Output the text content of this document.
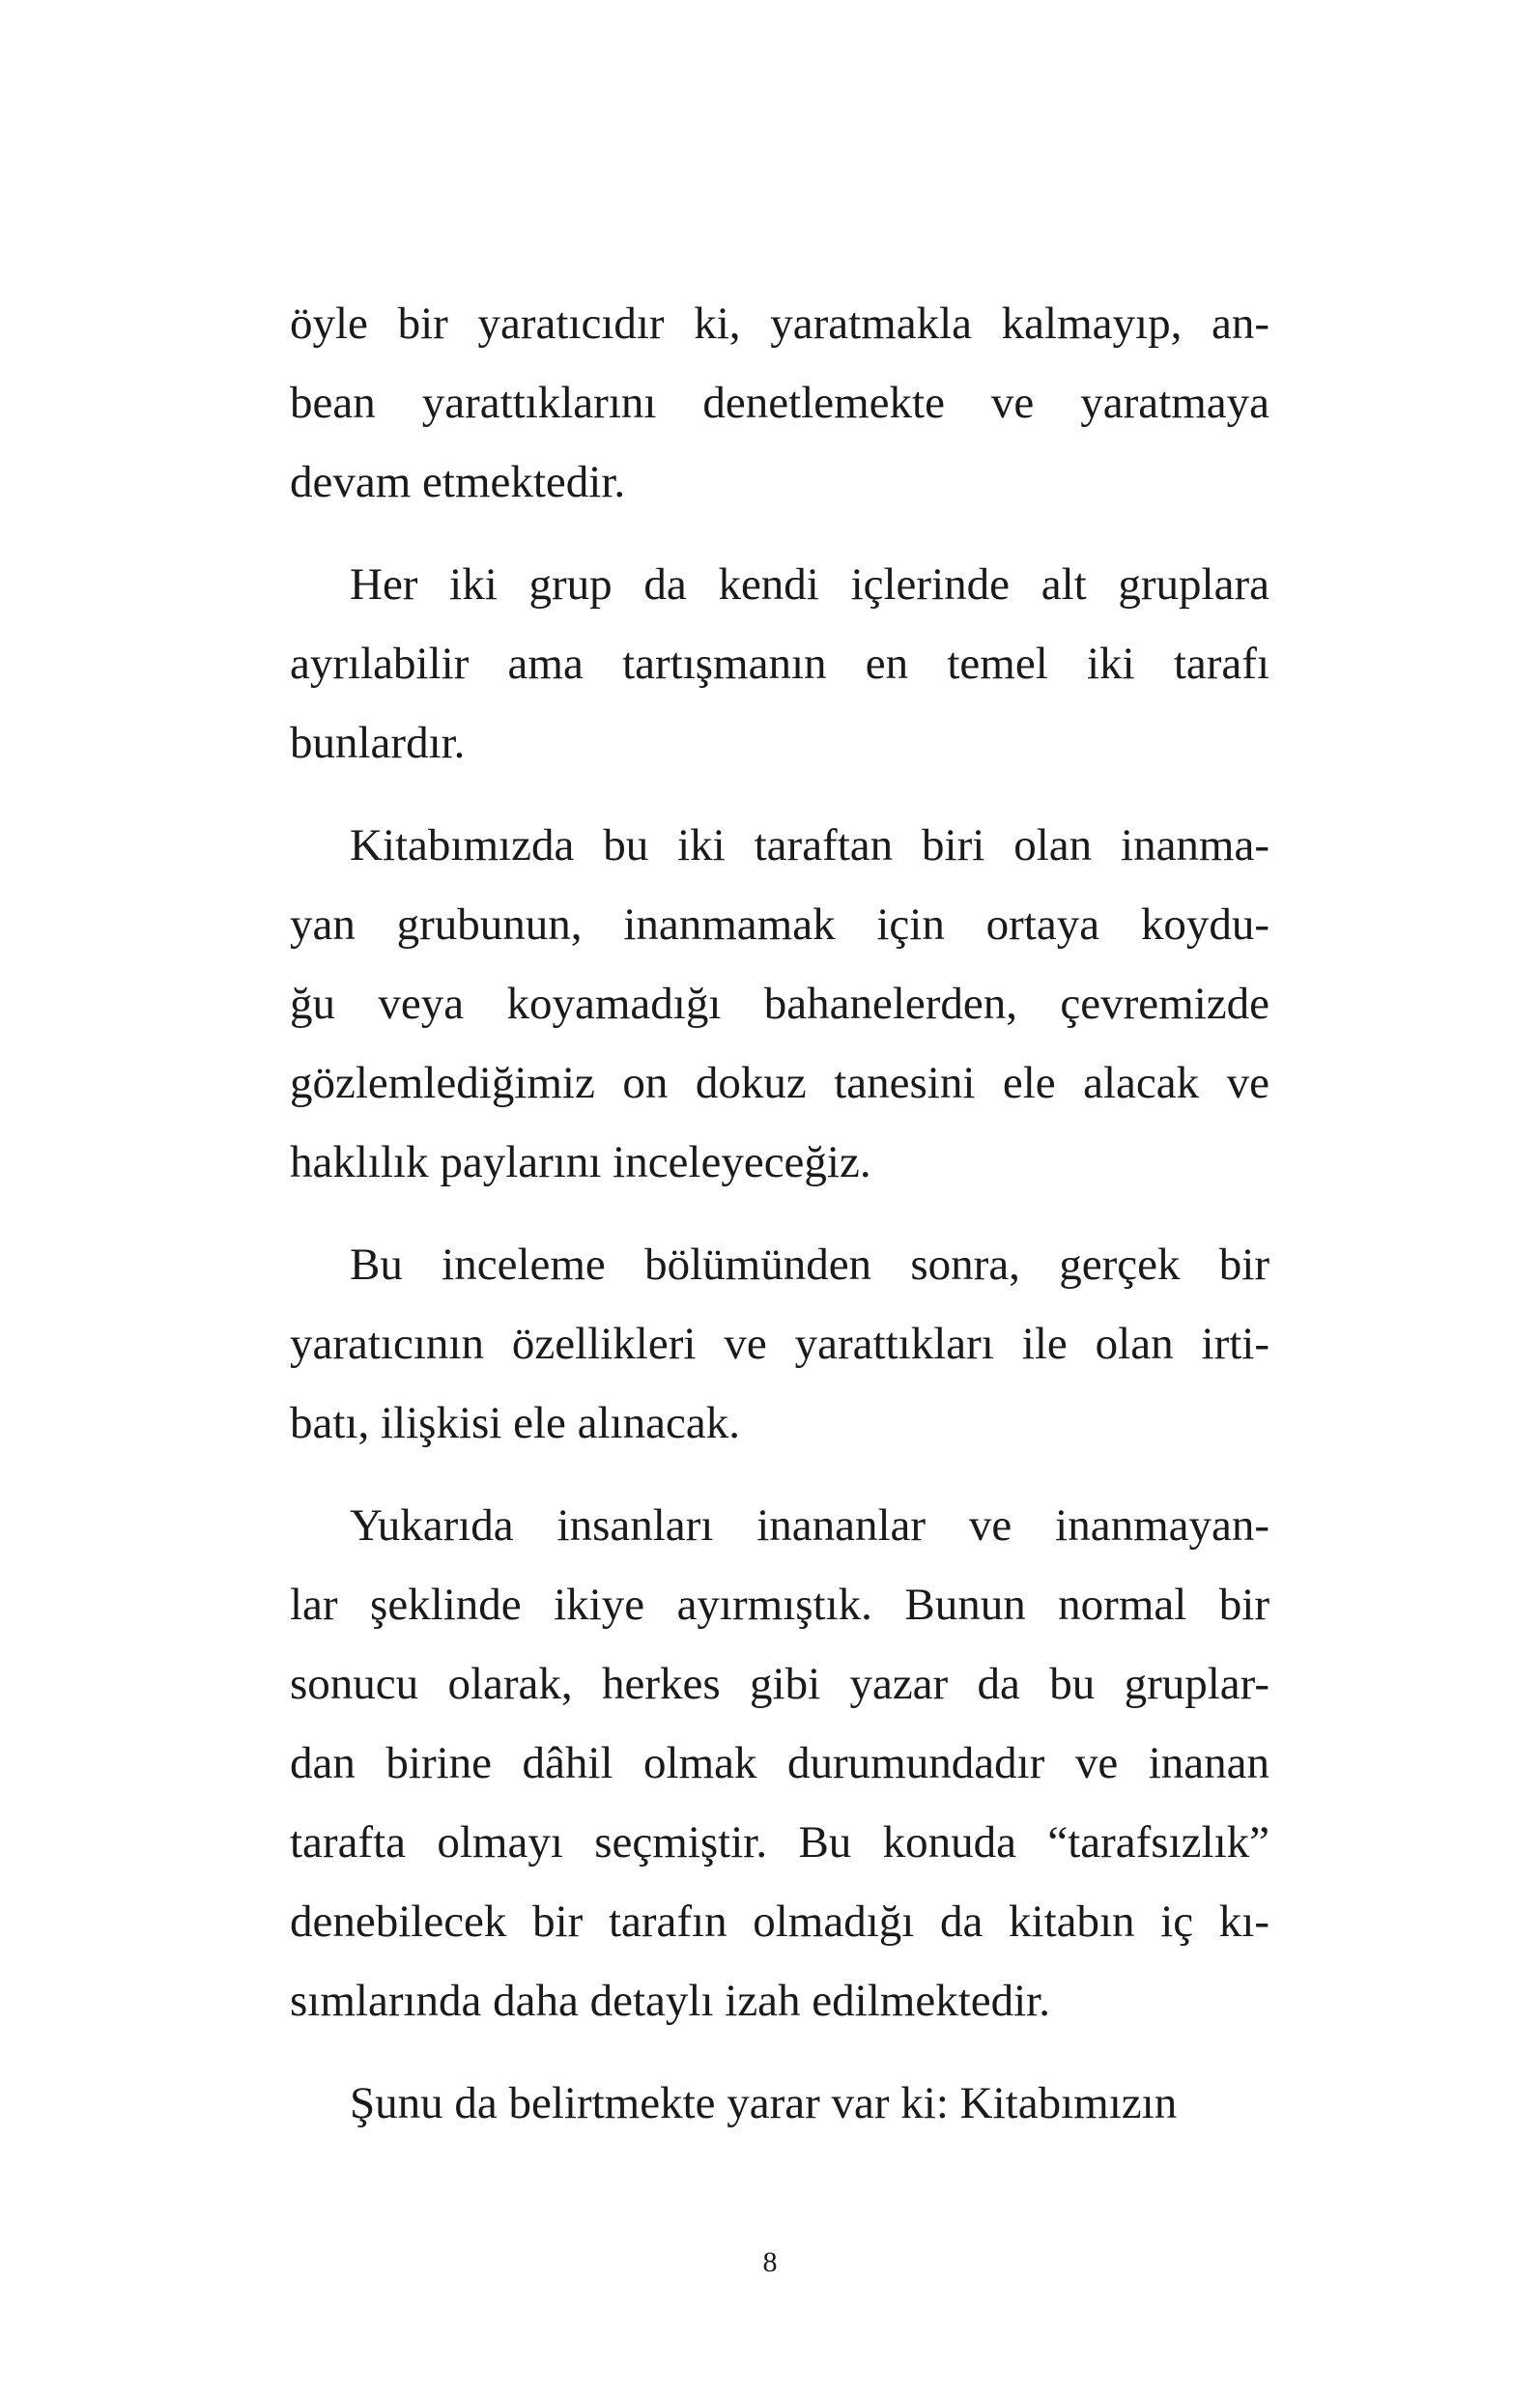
öyle bir yaratıcıdır ki, yaratmakla kalmayıp, an-
bean yarattıklarını denetlemekte ve yaratmaya
devam etmektedir.
Her iki grup da kendi içlerinde alt gruplara
ayrılabilir ama tartışmanın en temel iki tarafı
bunlardır.
Kitabımızda bu iki taraftan biri olan inanma-
yan grubunun, inanmamak için ortaya koydu-
ğu veya koyamadığı bahanelerden, çevremizde
gözlemlediğimiz on dokuz tanesini ele alacak ve
haklılık paylarını inceleyeceğiz.
Bu inceleme bölümünden sonra, gerçek bir
yaratıcının özellikleri ve yarattıkları ile olan irti-
batı, ilişkisi ele alınacak.
Yukarıda insanları inananlar ve inanmayan-
lar şeklinde ikiye ayırmıştık. Bunun normal bir
sonucu olarak, herkes gibi yazar da bu gruplar-
dan birine dâhil olmak durumundadır ve inanan
tarafta olmayı seçmiştir. Bu konuda “tarafsızlık”
denebilecek bir tarafın olmadığı da kitabın iç kı-
sımlarında daha detaylı izah edilmektedir.
Şunu da belirtmekte yarar var ki: Kitabımızın
8
